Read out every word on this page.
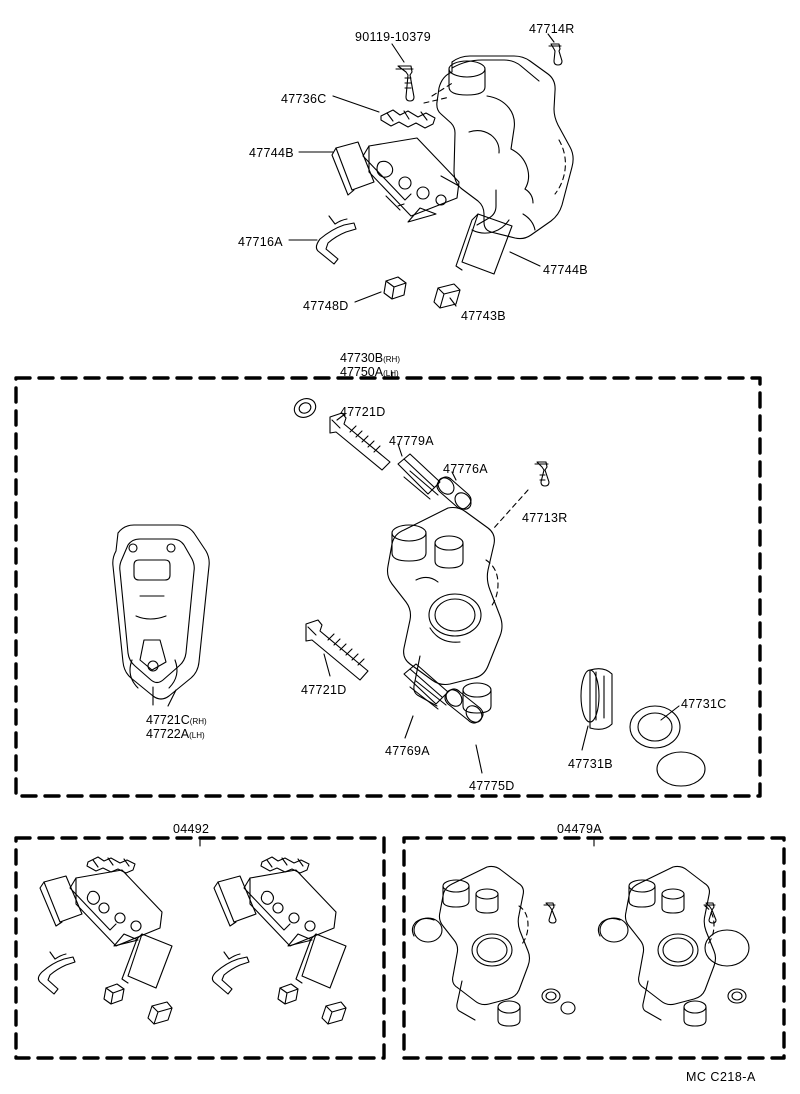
90119-10379
47714R
47736C
47744B
47716A
47748D
47743B
47744B
47730B(RH)
47750A(LH)
47721D
47779A
47776A
47713R
47721D
47769A
47775D
47731B
47731C
47721C(RH)
47722A(LH)
04492	04479A
MC C218-A
